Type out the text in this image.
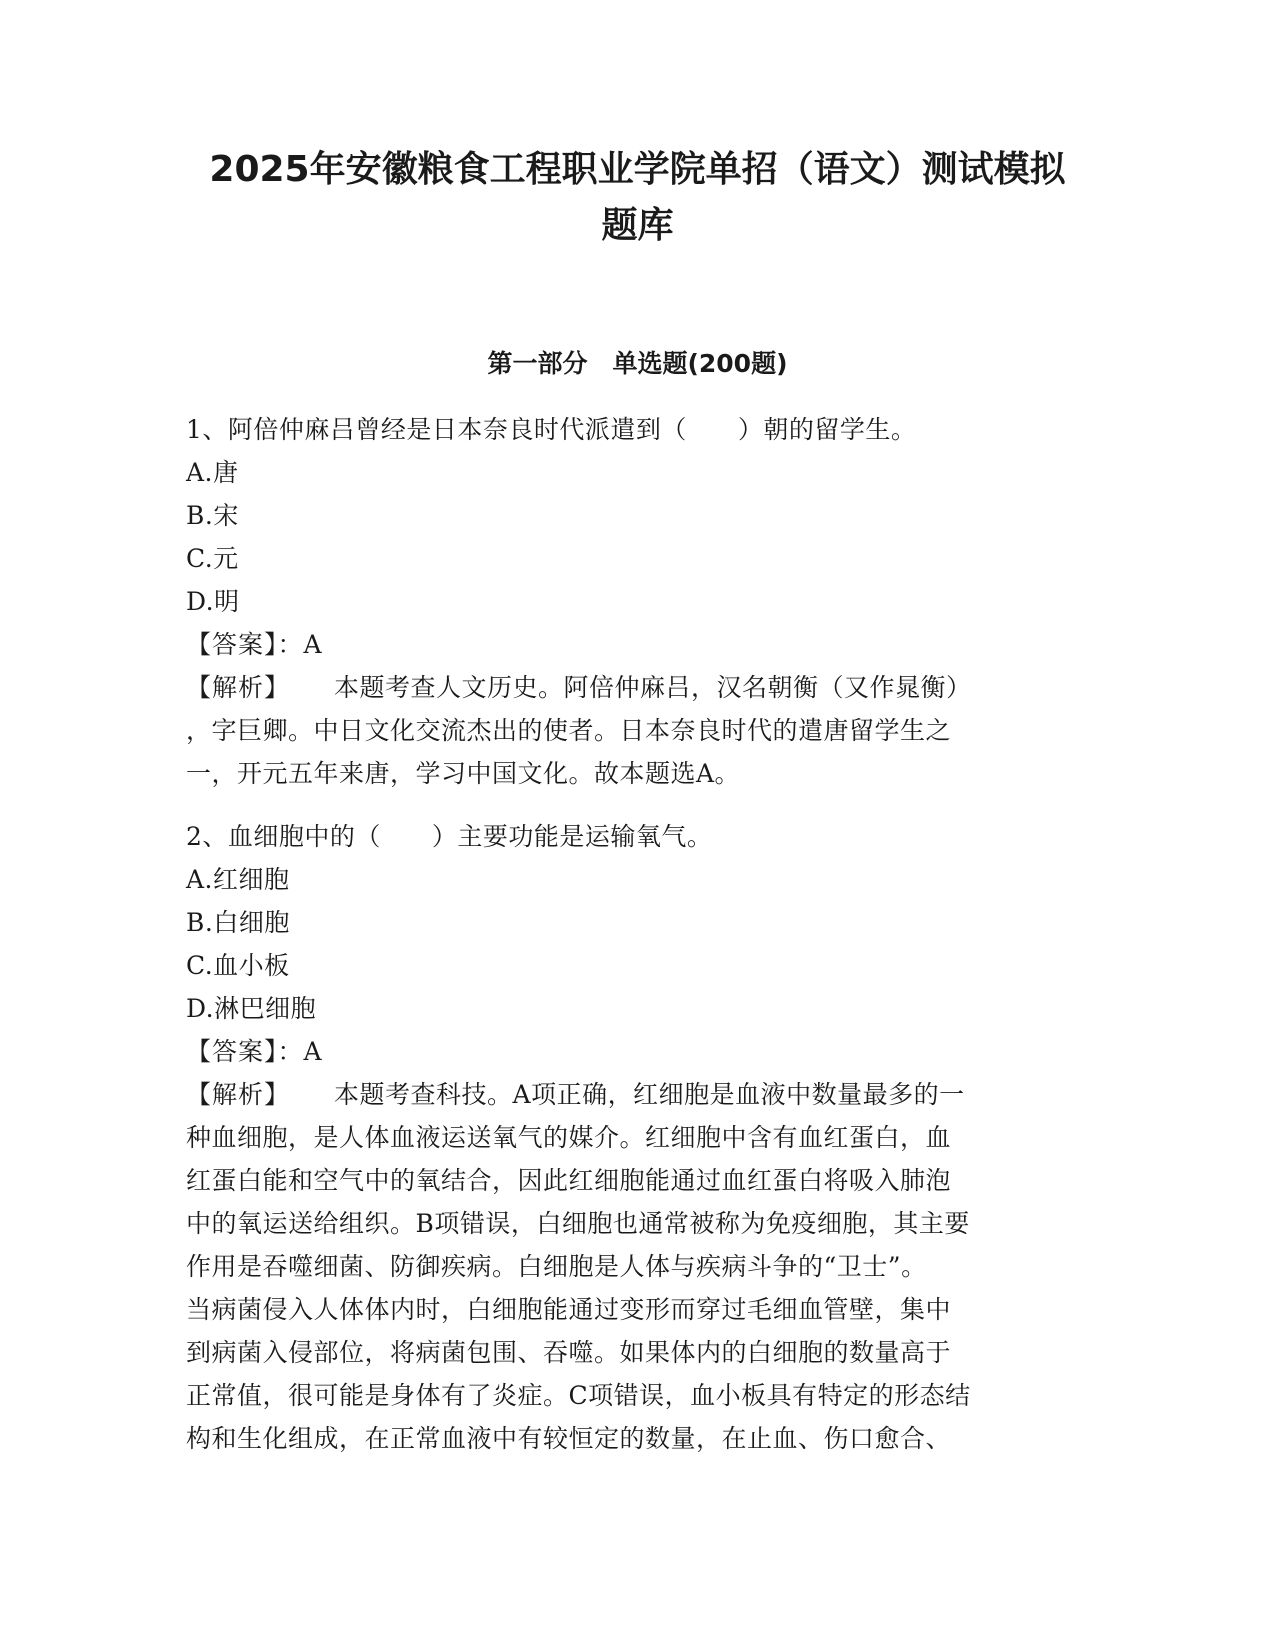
2025年安徽粮食工程职业学院单招（语文）测试模拟
题库
第一部分　单选题(200题)

1、阿倍仲麻吕曾经是日本奈良时代派遣到（　　）朝的留学生。

A.唐

B.宋

C.元

D.明

【答案】：A

【解析】 本题考查人文历史。阿倍仲麻吕，汉名朝衡（又作晁衡）

，字巨卿。中日文化交流杰出的使者。日本奈良时代的遣唐留学生之

一，开元五年来唐，学习中国文化。故本题选A。

2、血细胞中的（　　）主要功能是运输氧气。

A.红细胞

B.白细胞

C.血小板

D.淋巴细胞

【答案】：A

【解析】 本题考查科技。A项正确，红细胞是血液中数量最多的一

种血细胞，是人体血液运送氧气的媒介。红细胞中含有血红蛋白，血

红蛋白能和空气中的氧结合，因此红细胞能通过血红蛋白将吸入肺泡

中的氧运送给组织。B项错误，白细胞也通常被称为免疫细胞，其主要

作用是吞噬细菌、防御疾病。白细胞是人体与疾病斗争的“卫士”。

当病菌侵入人体体内时，白细胞能通过变形而穿过毛细血管壁，集中

到病菌入侵部位，将病菌包围、吞噬。如果体内的白细胞的数量高于

正常值，很可能是身体有了炎症。C项错误，血小板具有特定的形态结

构和生化组成，在正常血液中有较恒定的数量，在止血、伤口愈合、
